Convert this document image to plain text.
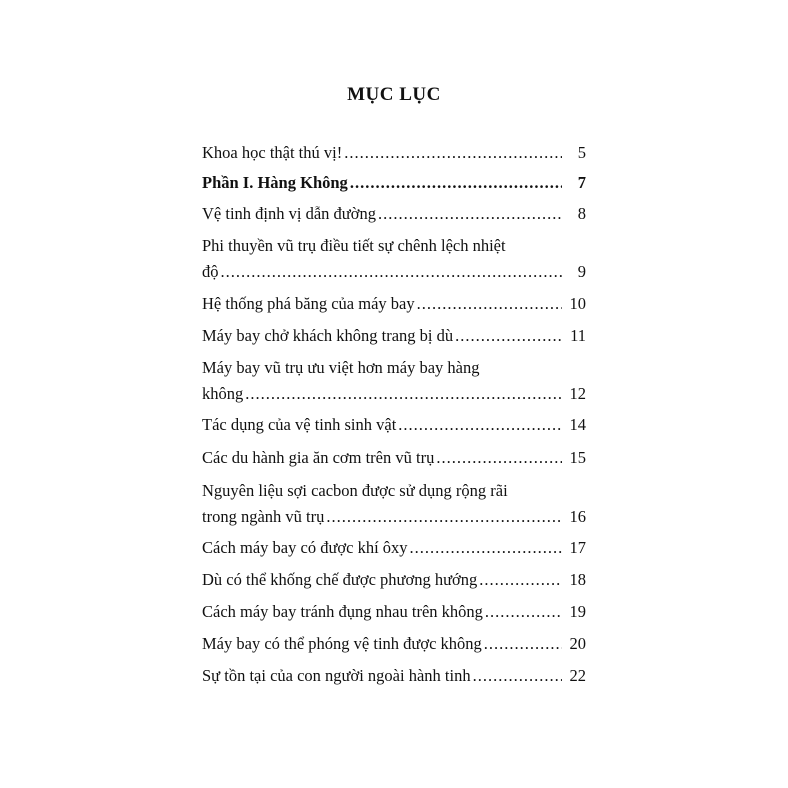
MỤC LỤC
Khoa học thật thú vị! .....	5
Phần I. Hàng Không .....	7
Vệ tinh định vị dẫn đường .....	8
Phi thuyền vũ trụ điều tiết sự chênh lệch nhiệt
độ .....	9
Hệ thống phá băng của máy bay .....	10
Máy bay chở khách không trang bị dù .....	11
Máy bay vũ trụ ưu việt hơn máy bay hàng
không .....	12
Tác dụng của vệ tinh sinh vật .....	14
Các du hành gia ăn cơm trên vũ trụ .....	15
Nguyên liệu sợi cacbon được sử dụng rộng rãi
trong ngành vũ trụ .....	16
Cách máy bay có được khí ôxy .....	17
Dù có thể khống chế được phương hướng .....	18
Cách máy bay tránh đụng nhau trên không .....	19
Máy bay có thể phóng vệ tinh được không .....	20
Sự tồn tại của con người ngoài hành tinh .....	22
